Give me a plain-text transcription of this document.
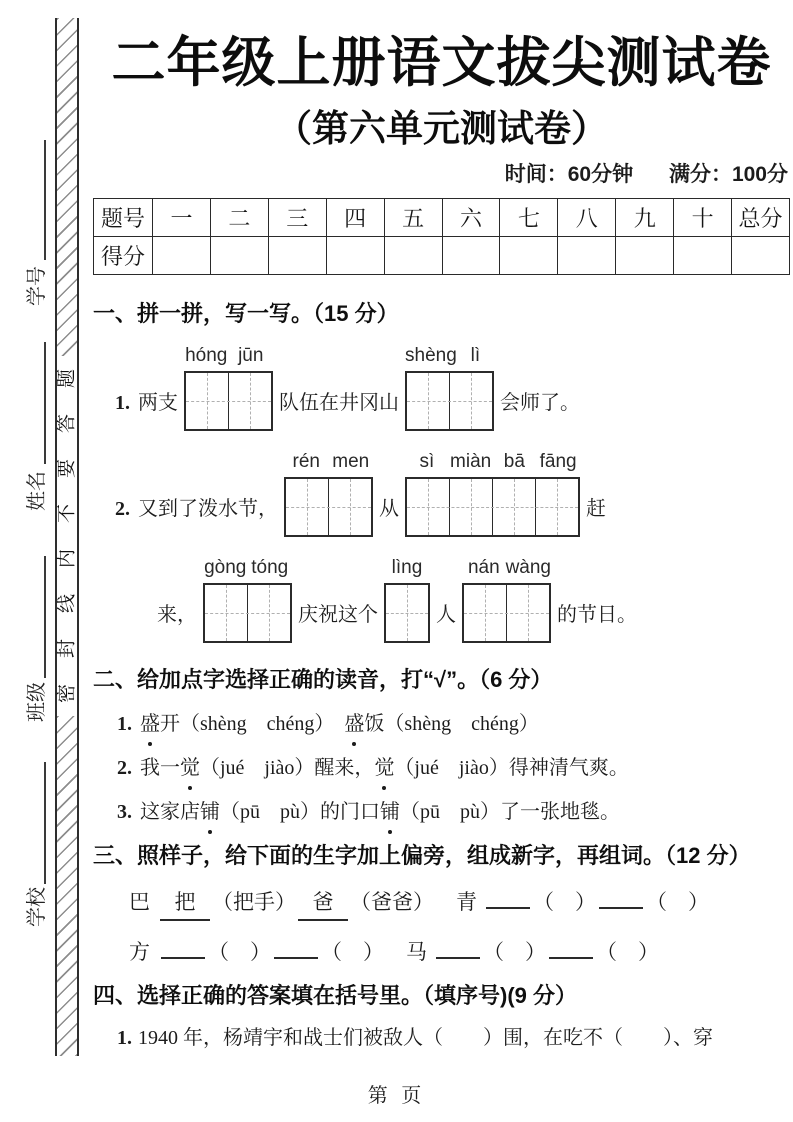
学号
姓名
班级
学校
题
答
要
不
内
线
封
密
二年级上册语文拔尖测试卷
（第六单元测试卷）
时间：60分钟 满分：100分
题号	一	二	三	四	五	六	七	八	九	十	总分
得分											
一、拼一拼，写一写。（15 分）
1. 两支
hóng jūn
队伍在井冈山
shèng lì
会师了。
2. 又到了泼水节，
rén men
从
sì miàn bā fāng
赶
来，
gòng tóng
庆祝这个
lìng
人
nán wàng
的节日。
二、给加点字选择正确的读音，打“√”。（6 分）
1. 盛开（shèng　chéng）　盛饭（shèng　chéng）
2. 我一觉（jué　jiào）醒来，觉（jué　jiào）得神清气爽。
3. 这家店铺（pū　pù）的门口铺（pū　pù）了一张地毯。
三、照样子，给下面的生字加上偏旁，组成新字，再组词。（12 分）
巴 把 （把手） 爸 （爸爸） 青	（　） （　）
方	（　） （　） 马	（　） （　）
四、选择正确的答案填在括号里。（填序号)(9 分）
1. 1940 年，杨靖宇和战士们被敌人（　　）围，在吃不（　　）、穿
第 页
